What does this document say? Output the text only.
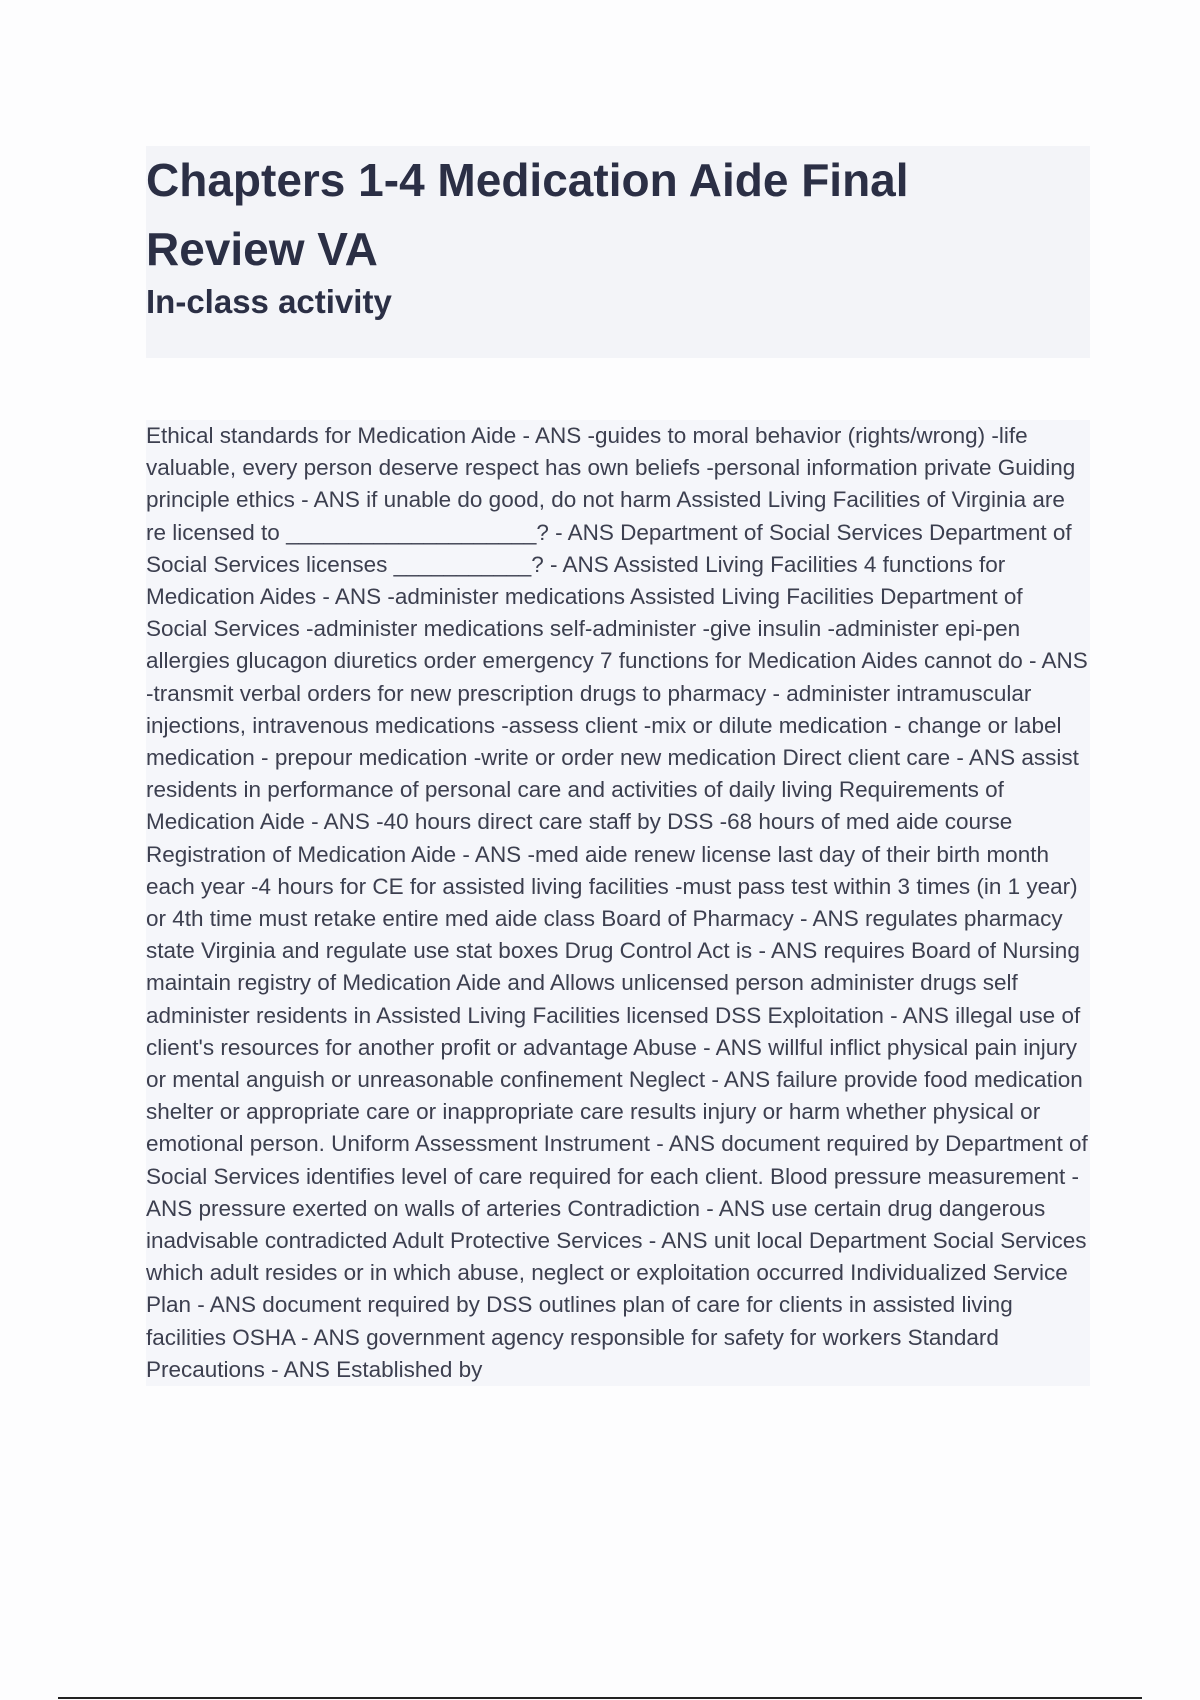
Chapters 1-4 Medication Aide Final Review VA
In-class activity

Ethical standards for Medication Aide - ANS -guides to moral behavior (rights/wrong) -life valuable, every person deserve respect has own beliefs -personal information private Guiding principle ethics - ANS if unable do good, do not harm Assisted Living Facilities of Virginia are re licensed to ____________________? - ANS Department of Social Services Department of Social Services licenses ___________? - ANS Assisted Living Facilities 4 functions for Medication Aides - ANS -administer medications Assisted Living Facilities Department of Social Services -administer medications self-administer -give insulin -administer epi-pen allergies glucagon diuretics order emergency 7 functions for Medication Aides cannot do - ANS -transmit verbal orders for new prescription drugs to pharmacy - administer intramuscular injections, intravenous medications -assess client -mix or dilute medication - change or label medication - prepour medication -write or order new medication Direct client care - ANS assist residents in performance of personal care and activities of daily living Requirements of Medication Aide - ANS -40 hours direct care staff by DSS -68 hours of med aide course Registration of Medication Aide - ANS -med aide renew license last day of their birth month each year -4 hours for CE for assisted living facilities -must pass test within 3 times (in 1 year) or 4th time must retake entire med aide class Board of Pharmacy - ANS regulates pharmacy state Virginia and regulate use stat boxes Drug Control Act is - ANS requires Board of Nursing maintain registry of Medication Aide and Allows unlicensed person administer drugs self administer residents in Assisted Living Facilities licensed DSS Exploitation - ANS illegal use of client's resources for another profit or advantage Abuse - ANS willful inflict physical pain injury or mental anguish or unreasonable confinement Neglect - ANS failure provide food medication shelter or appropriate care or inappropriate care results injury or harm whether physical or emotional person. Uniform Assessment Instrument - ANS document required by Department of Social Services identifies level of care required for each client. Blood pressure measurement - ANS pressure exerted on walls of arteries Contradiction - ANS use certain drug dangerous inadvisable contradicted Adult Protective Services - ANS unit local Department Social Services which adult resides or in which abuse, neglect or exploitation occurred Individualized Service Plan - ANS document required by DSS outlines plan of care for clients in assisted living facilities OSHA - ANS government agency responsible for safety for workers Standard Precautions - ANS Established by
